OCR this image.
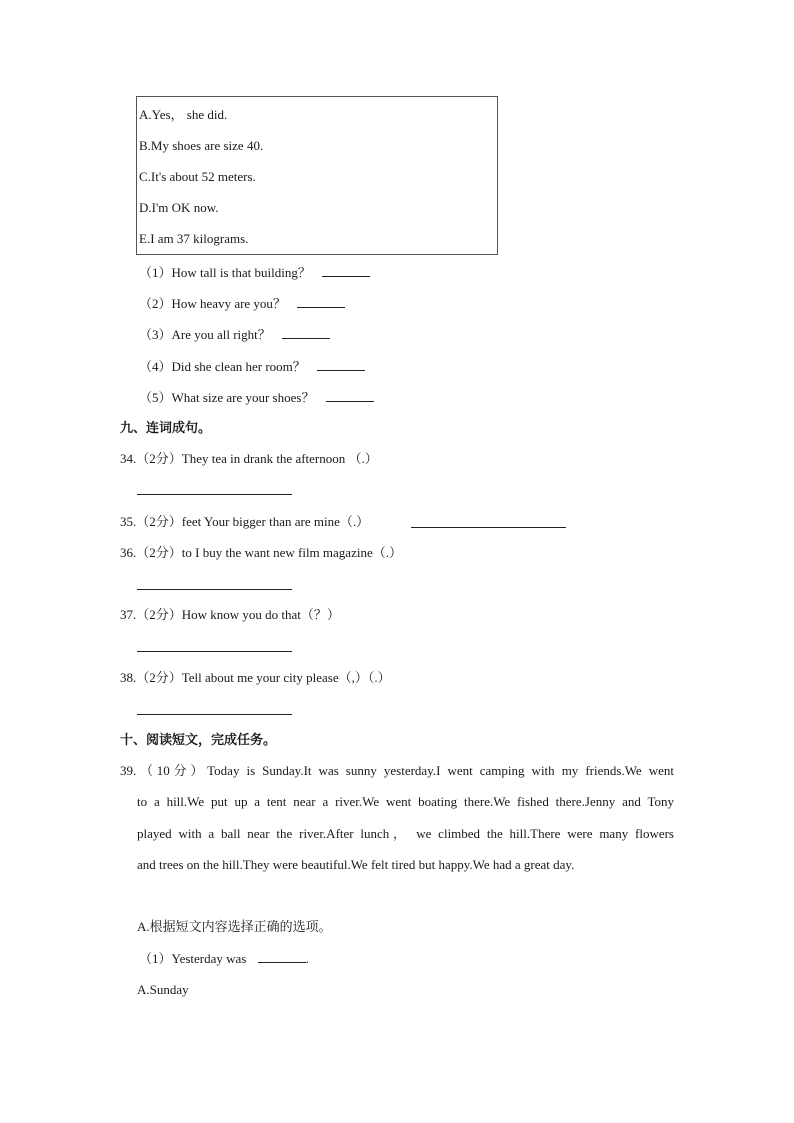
A.Yes， she did.
B.My shoes are size 40.
C.It's about 52 meters.
D.I'm OK now.
E.I am 37 kilograms.
（1）How tall is that building？
（2）How heavy are you？
（3）Are you all right？
（4）Did she clean her room？
（5）What size are your shoes？
九、连词成句。
34.（2分）They tea in drank the afternoon （.）
35.（2分）feet Your bigger than are mine（.）
36.（2分）to I buy the want new film magazine（.）
37.（2分）How know you do that（？）
38.（2分）Tell about me your city please（,）（.）
十、阅读短文，完成任务。
39.（10分）Today is Sunday.It was sunny yesterday.I went camping with my friends.We went
to a hill.We put up a tent near a river.We went boating there.We fished there.Jenny and Tony
played with a ball near the river.After lunch， we climbed the hill.There were many flowers
and trees on the hill.They were beautiful.We felt tired but happy.We had a great day.
A.根据短文内容选择正确的选项。
（1）Yesterday was	.
A.Sunday
